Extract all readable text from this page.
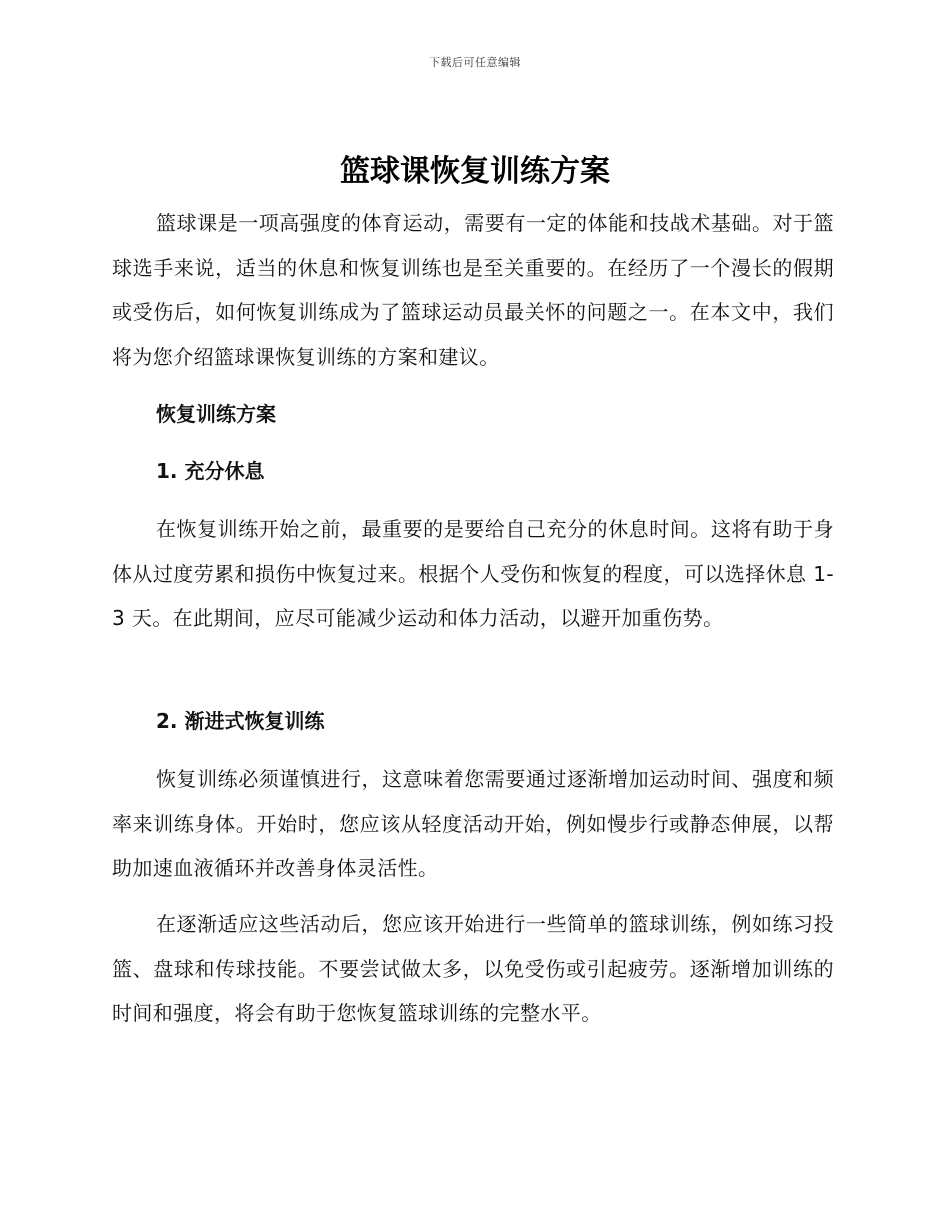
下载后可任意编辑
篮球课恢复训练方案

篮球课是一项高强度的体育运动，需要有一定的体能和技战术基础。对于篮球选手来说，适当的休息和恢复训练也是至关重要的。在经历了一个漫长的假期或受伤后，如何恢复训练成为了篮球运动员最关怀的问题之一。在本文中，我们将为您介绍篮球课恢复训练的方案和建议。

恢复训练方案
1. 充分休息

在恢复训练开始之前，最重要的是要给自己充分的休息时间。这将有助于身体从过度劳累和损伤中恢复过来。根据个人受伤和恢复的程度，可以选择休息 1-3 天。在此期间，应尽可能减少运动和体力活动，以避开加重伤势。

2. 渐进式恢复训练

恢复训练必须谨慎进行，这意味着您需要通过逐渐增加运动时间、强度和频率来训练身体。开始时，您应该从轻度活动开始，例如慢步行或静态伸展，以帮助加速血液循环并改善身体灵活性。

在逐渐适应这些活动后，您应该开始进行一些简单的篮球训练，例如练习投篮、盘球和传球技能。不要尝试做太多，以免受伤或引起疲劳。逐渐增加训练的时间和强度，将会有助于您恢复篮球训练的完整水平。
